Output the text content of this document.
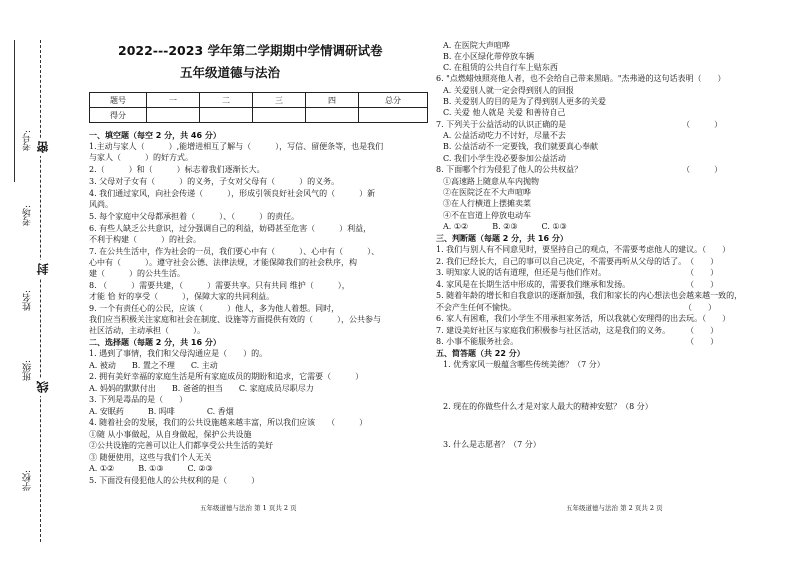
考号:
考场:
姓名:
班级:
学校:
密
封
线
2022---2023 学年第二学期期中学情调研试卷
五年级道德与法治
题号	一	二	三	四	总分
得分					
一、填空题（每空 2 分，共 46 分）
1.主动与家人（　　　）,能增进相互了解与（　　　），写信、留便条等，也是我们
与家人（　　　）的好方式。
2.（　　　）和（　　　）标志着我们逐渐长大。
3. 父母对子女有（　　　）的义务，子女对父母有（　　　）的义务。
4. 我们通过家风，向社会传递（　　　），形成引领良好社会风气的（　　　）新
风尚。
5. 每个家庭中父母都承担着（　　　）、（　　　）的责任。
6. 有些人缺乏公共意识，过分强调自己的利益，妨碍甚至危害（　　　）利益，
不利于构建（　　　）的社会。
7. 在公共生活中，作为社会的一员，我们要心中有（　　　）、心中有（　　　）、
心中有（　　　）。遵守社会公德、法律法规，才能保障我们的社会秩序，构
建（　　　）的公共生活。
8. （　　　）需要共建，（　　　）需要共享。只有共同 维护（　　　），
才能 恰 好的享受（　　　），保障大家的共同利益。
9. 一个有责任心的公民，应该（　　　）他人，多为他人着想。同时，
我们应当积极关注家庭和社会在制度、设施等方面提供有效的（　　　），公共参与
社区活动，主动承担（　　　）。
二、选择题（每题 2 分，共 16 分）
1. 遇到了事情，我们和父母沟通应是（　　）的。
A. 被动　　B. 置之不理　　C. 主动
2. 拥有美好幸福的家庭生活是所有家庭成员的期盼和追求，它需要（　　　）
A. 妈妈的默默付出　　B. 爸爸的担当　　C. 家庭成员尽职尽力
3. 下列是毒品的是（　　）
A. 安眠药　　　B. 吗啡　　　　C. 香烟
4. 随着社会的发展，我们的公共设施越来越丰富，所以我们应该　　（　　　）
①随 从小事做起，从自身做起，保护公共设施
②公共设施的完善可以让人们都享受公共生活的美好
③ 随便使用，这些与我们个人无关
A. ①②　　　B. ①③　　　C. ②③
5. 下面没有侵犯他人的公共权利的是（　　　）
五年级道德与法治 第 1 页共 2 页
A. 在医院大声喧哗
B. 在小区绿化带停放车辆
C. 在租赁的公共自行车上贴东西
6. "点燃蜡烛照亮他人者，也不会给自己带来黑暗。"杰弗逊的这句话表明（　　）
A. 关爱别人就一定会得到别人的回报
B. 关爱别人的目的是为了得到别人更多的关爱
C. 关爱 他人就是 关爱 和善待自己
7. 下列关于公益活动的认识正确的是　　　　　　　　　　　　　　　（　　　）
A. 公益活动吃力不讨好，尽量不去
B. 公益活动不一定要钱，我们就要真心奉献
C. 我们小学生没必要参加公益活动
8. 下面哪个行为侵犯了他人的公共权益？　　　　　　　　　　　　　（　　　）
①高速路上随意从车内抛物
②在医院泛在不大声喧哗
③在人行横道上摆摊卖菜
④不在盲道上停放电动车
A. ①②　　　B. ②③　　　C. ①③
三、判断题（每题 2 分，共 16 分）
1. 我们与别人有不同意见时，要坚持自己的观点，不需要考虑他人的建议。（　　）
2. 我们已经长大，自己的事可以自己决定，不需要再听从父母的话了。　（　　）
3. 明知家人说的话有道理，但还是与他们作对。　　　　　　　　　　　（　　）
4. 家风是在长期生活中形成的，需要我们继承和发扬。　　　　　　　　（　　）
5. 随着年龄的增长和自我意识的逐渐加强，我们和家长的内心想法也会越来越一致的，
不会产生任何不愉快。　　　　　　　　　　　　　　　　　　　　　　（　　）
6. 家人有困难，我们小学生不用承担家务活，所以我就心安理得的出去玩。（　　）
7. 建设美好社区与家庭我们积极参与社区活动，这是我们的义务。　　　（　　）
8. 小事不能服务社会。　　　　　　　　　　　　　　　　　　　　　　（　　）
五、简答题（共 22 分）
1. 优秀家风一般蕴含哪些传统美德？（7 分）
2. 现在的你做些什么才是对家人最大的精神安慰？（8 分）
3. 什么是志愿者？（7 分）
五年级道德与法治 第 2 页共 2 页
